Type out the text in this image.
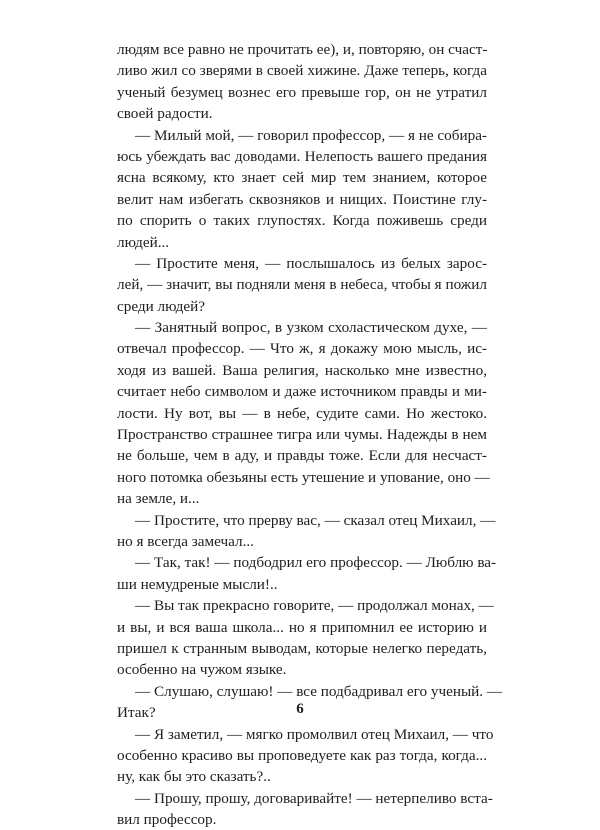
людям все равно не прочитать ее), и, повторяю, он счаст-
ливо жил со зверями в своей хижине. Даже теперь, когда
ученый безумец вознес его превыше гор, он не утратил
своей радости.
— Милый мой, — говорил профессор, — я не собира-
юсь убеждать вас доводами. Нелепость вашего предания
ясна всякому, кто знает сей мир тем знанием, которое
велит нам избегать сквозняков и нищих. Поистине глу-
по спорить о таких глупостях. Когда поживешь среди
людей...
— Простите меня, — послышалось из белых зарос-
лей, — значит, вы подняли меня в небеса, чтобы я пожил
среди людей?
— Занятный вопрос, в узком схоластическом духе, —
отвечал профессор. — Что ж, я докажу мою мысль, ис-
ходя из вашей. Ваша религия, насколько мне известно,
считает небо символом и даже источником правды и ми-
лости. Ну вот, вы — в небе, судите сами. Но жестоко.
Пространство страшнее тигра или чумы. Надежды в нем
не больше, чем в аду, и правды тоже. Если для несчаст-
ного потомка обезьяны есть утешение и упование, оно —
на земле, и...
— Простите, что прерву вас, — сказал отец Михаил, —
но я всегда замечал...
— Так, так! — подбодрил его профессор. — Люблю ва-
ши немудреные мысли!..
— Вы так прекрасно говорите, — продолжал монах, —
и вы, и вся ваша школа... но я припомнил ее историю и
пришел к странным выводам, которые нелегко передать,
особенно на чужом языке.
— Слушаю, слушаю! — все подбадривал его ученый. —
Итак?
— Я заметил, — мягко промолвил отец Михаил, — что
особенно красиво вы проповедуете как раз тогда, когда...
ну, как бы это сказать?..
— Прошу, прошу, договаривайте! — нетерпеливо вста-
вил профессор.
6
